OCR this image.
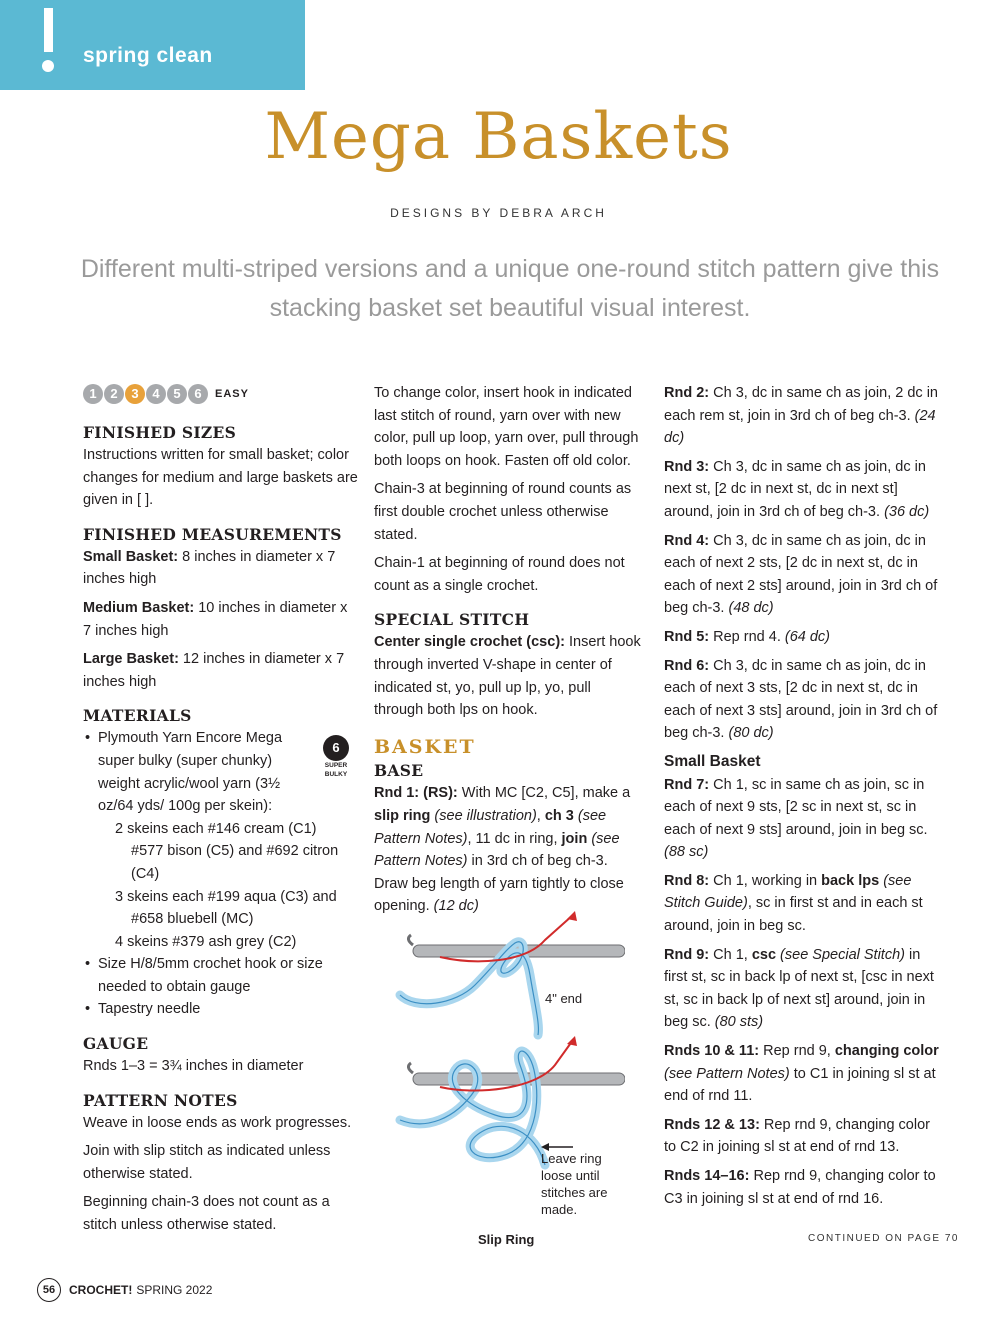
spring clean
Mega Baskets
DESIGNS BY DEBRA ARCH
Different multi-striped versions and a unique one-round stitch pattern give this stacking basket set beautiful visual interest.
1	2	3	4	5	6	EASY
FINISHED SIZES

Instructions written for small basket; color changes for medium and large baskets are given in [ ].

FINISHED MEASUREMENTS

Small Basket: 8 inches in diameter x 7 inches high

Medium Basket: 10 inches in diameter x 7 inches high

Large Basket: 12 inches in diameter x 7 inches high

MATERIALS
6
SUPER BULKY
• Plymouth Yarn Encore Mega super bulky (super chunky) weight acrylic/wool yarn (3½ oz/64 yds/ 100g per skein):
2 skeins each #146 cream (C1)
#577 bison (C5) and #692 citron (C4)
3 skeins each #199 aqua (C3) and
#658 bluebell (MC)
4 skeins #379 ash grey (C2)
• Size H/8/5mm crochet hook or size needed to obtain gauge
• Tapestry needle
GAUGE

Rnds 1–3 = 3¾ inches in diameter

PATTERN NOTES

Weave in loose ends as work progresses.

Join with slip stitch as indicated unless otherwise stated.

Beginning chain-3 does not count as a stitch unless otherwise stated.

To change color, insert hook in indicated last stitch of round, yarn over with new color, pull up loop, yarn over, pull through both loops on hook. Fasten off old color.

Chain-3 at beginning of round counts as first double crochet unless otherwise stated.

Chain-1 at beginning of round does not count as a single crochet.

SPECIAL STITCH

Center single crochet (csc): Insert hook through inverted V-shape in center of indicated st, yo, pull up lp, yo, pull through both lps on hook.

BASKET
BASE

Rnd 1: (RS): With MC [C2, C5], make a slip ring (see illustration), ch 3 (see Pattern Notes), 11 dc in ring, join (see Pattern Notes) in 3rd ch of beg ch-3. Draw beg length of yarn tightly to close opening. (12 dc)

4" end
Leave ring loose until stitches are made.
Slip Ring

Rnd 2: Ch 3, dc in same ch as join, 2 dc in each rem st, join in 3rd ch of beg ch-3. (24 dc)

Rnd 3: Ch 3, dc in same ch as join, dc in next st, [2 dc in next st, dc in next st] around, join in 3rd ch of beg ch-3. (36 dc)

Rnd 4: Ch 3, dc in same ch as join, dc in each of next 2 sts, [2 dc in next st, dc in each of next 2 sts] around, join in 3rd ch of beg ch-3. (48 dc)

Rnd 5: Rep rnd 4. (64 dc)

Rnd 6: Ch 3, dc in same ch as join, dc in each of next 3 sts, [2 dc in next st, dc in each of next 3 sts] around, join in 3rd ch of beg ch-3. (80 dc)

Small Basket

Rnd 7: Ch 1, sc in same ch as join, sc in each of next 9 sts, [2 sc in next st, sc in each of next 9 sts] around, join in beg sc. (88 sc)

Rnd 8: Ch 1, working in back lps (see Stitch Guide), sc in first st and in each st around, join in beg sc.

Rnd 9: Ch 1, csc (see Special Stitch) in first st, sc in back lp of next st, [csc in next st, sc in back lp of next st] around, join in beg sc. (80 sts)

Rnds 10 & 11: Rep rnd 9, changing color (see Pattern Notes) to C1 in joining sl st at end of rnd 11.

Rnds 12 & 13: Rep rnd 9, changing color to C2 in joining sl st at end of rnd 13.

Rnds 14–16: Rep rnd 9, changing color to C3 in joining sl st at end of rnd 16.

CONTINUED ON PAGE 70
56	CROCHET! SPRING 2022
